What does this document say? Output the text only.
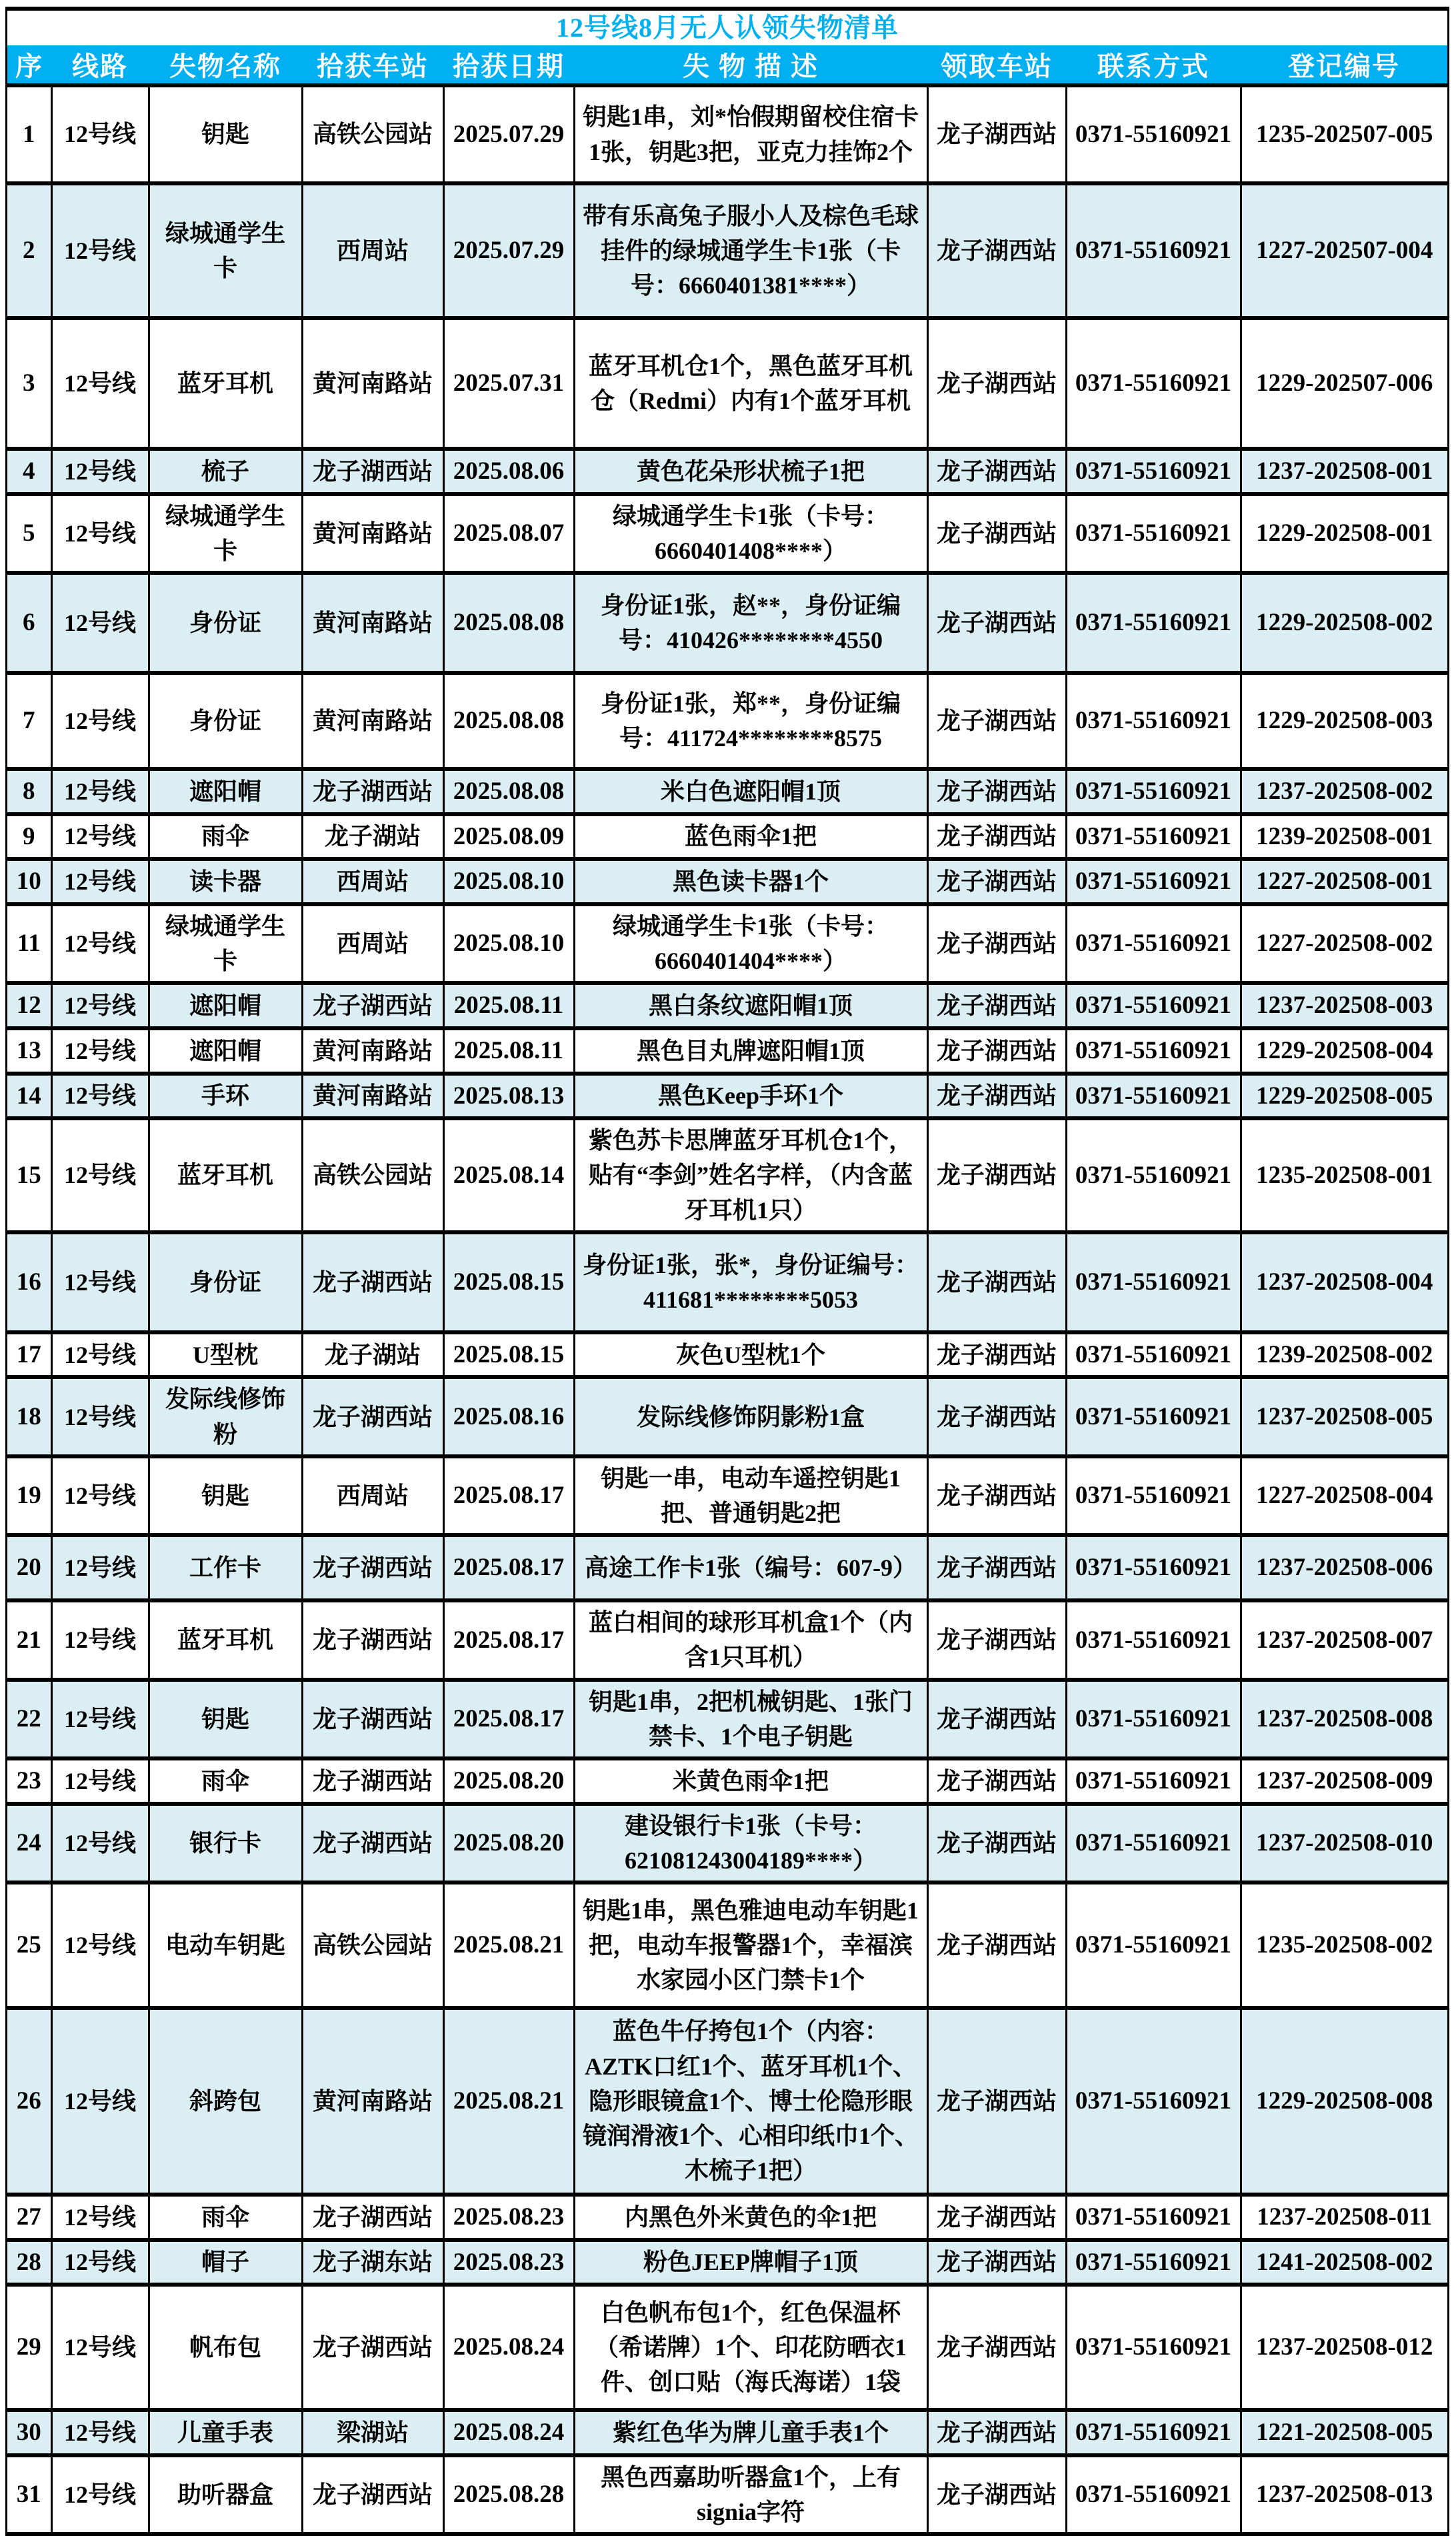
12号线8月无人认领失物清单
序	线路	失物名称	拾获车站	拾获日期	失 物 描 述	领取车站	联系方式	登记编号
1	12号线	钥匙	高铁公园站	2025.07.29	钥匙1串，刘*怡假期留校住宿卡1张，钥匙3把，亚克力挂饰2个	龙子湖西站	0371-55160921	1235-202507-005
2	12号线	绿城通学生卡	西周站	2025.07.29	带有乐高兔子服小人及棕色毛球挂件的绿城通学生卡1张（卡号：6660401381****）	龙子湖西站	0371-55160921	1227-202507-004
3	12号线	蓝牙耳机	黄河南路站	2025.07.31	蓝牙耳机仓1个，黑色蓝牙耳机仓（Redmi）内有1个蓝牙耳机	龙子湖西站	0371-55160921	1229-202507-006
4	12号线	梳子	龙子湖西站	2025.08.06	黄色花朵形状梳子1把	龙子湖西站	0371-55160921	1237-202508-001
5	12号线	绿城通学生卡	黄河南路站	2025.08.07	绿城通学生卡1张（卡号：6660401408****）	龙子湖西站	0371-55160921	1229-202508-001
6	12号线	身份证	黄河南路站	2025.08.08	身份证1张，赵**，身份证编号：410426********4550	龙子湖西站	0371-55160921	1229-202508-002
7	12号线	身份证	黄河南路站	2025.08.08	身份证1张，郑**，身份证编号：411724********8575	龙子湖西站	0371-55160921	1229-202508-003
8	12号线	遮阳帽	龙子湖西站	2025.08.08	米白色遮阳帽1顶	龙子湖西站	0371-55160921	1237-202508-002
9	12号线	雨伞	龙子湖站	2025.08.09	蓝色雨伞1把	龙子湖西站	0371-55160921	1239-202508-001
10	12号线	读卡器	西周站	2025.08.10	黑色读卡器1个	龙子湖西站	0371-55160921	1227-202508-001
11	12号线	绿城通学生卡	西周站	2025.08.10	绿城通学生卡1张（卡号：6660401404****）	龙子湖西站	0371-55160921	1227-202508-002
12	12号线	遮阳帽	龙子湖西站	2025.08.11	黑白条纹遮阳帽1顶	龙子湖西站	0371-55160921	1237-202508-003
13	12号线	遮阳帽	黄河南路站	2025.08.11	黑色目丸牌遮阳帽1顶	龙子湖西站	0371-55160921	1229-202508-004
14	12号线	手环	黄河南路站	2025.08.13	黑色Keep手环1个	龙子湖西站	0371-55160921	1229-202508-005
15	12号线	蓝牙耳机	高铁公园站	2025.08.14	紫色苏卡思牌蓝牙耳机仓1个，贴有“李剑”姓名字样，（内含蓝牙耳机1只）	龙子湖西站	0371-55160921	1235-202508-001
16	12号线	身份证	龙子湖西站	2025.08.15	身份证1张，张*，身份证编号：411681********5053	龙子湖西站	0371-55160921	1237-202508-004
17	12号线	U型枕	龙子湖站	2025.08.15	灰色U型枕1个	龙子湖西站	0371-55160921	1239-202508-002
18	12号线	发际线修饰粉	龙子湖西站	2025.08.16	发际线修饰阴影粉1盒	龙子湖西站	0371-55160921	1237-202508-005
19	12号线	钥匙	西周站	2025.08.17	钥匙一串，电动车遥控钥匙1把、普通钥匙2把	龙子湖西站	0371-55160921	1227-202508-004
20	12号线	工作卡	龙子湖西站	2025.08.17	高途工作卡1张（编号：607-9）	龙子湖西站	0371-55160921	1237-202508-006
21	12号线	蓝牙耳机	龙子湖西站	2025.08.17	蓝白相间的球形耳机盒1个（内含1只耳机）	龙子湖西站	0371-55160921	1237-202508-007
22	12号线	钥匙	龙子湖西站	2025.08.17	钥匙1串，2把机械钥匙、1张门禁卡、1个电子钥匙	龙子湖西站	0371-55160921	1237-202508-008
23	12号线	雨伞	龙子湖西站	2025.08.20	米黄色雨伞1把	龙子湖西站	0371-55160921	1237-202508-009
24	12号线	银行卡	龙子湖西站	2025.08.20	建设银行卡1张（卡号：621081243004189****）	龙子湖西站	0371-55160921	1237-202508-010
25	12号线	电动车钥匙	高铁公园站	2025.08.21	钥匙1串，黑色雅迪电动车钥匙1把，电动车报警器1个，幸福滨水家园小区门禁卡1个	龙子湖西站	0371-55160921	1235-202508-002
26	12号线	斜跨包	黄河南路站	2025.08.21	蓝色牛仔挎包1个（内容：AZTK口红1个、蓝牙耳机1个、隐形眼镜盒1个、博士伦隐形眼镜润滑液1个、心相印纸巾1个、木梳子1把）	龙子湖西站	0371-55160921	1229-202508-008
27	12号线	雨伞	龙子湖西站	2025.08.23	内黑色外米黄色的伞1把	龙子湖西站	0371-55160921	1237-202508-011
28	12号线	帽子	龙子湖东站	2025.08.23	粉色JEEP牌帽子1顶	龙子湖西站	0371-55160921	1241-202508-002
29	12号线	帆布包	龙子湖西站	2025.08.24	白色帆布包1个，红色保温杯（希诺牌）1个、印花防晒衣1件、创口贴（海氏海诺）1袋	龙子湖西站	0371-55160921	1237-202508-012
30	12号线	儿童手表	梁湖站	2025.08.24	紫红色华为牌儿童手表1个	龙子湖西站	0371-55160921	1221-202508-005
31	12号线	助听器盒	龙子湖西站	2025.08.28	黑色西嘉助听器盒1个，上有signia字符	龙子湖西站	0371-55160921	1237-202508-013
